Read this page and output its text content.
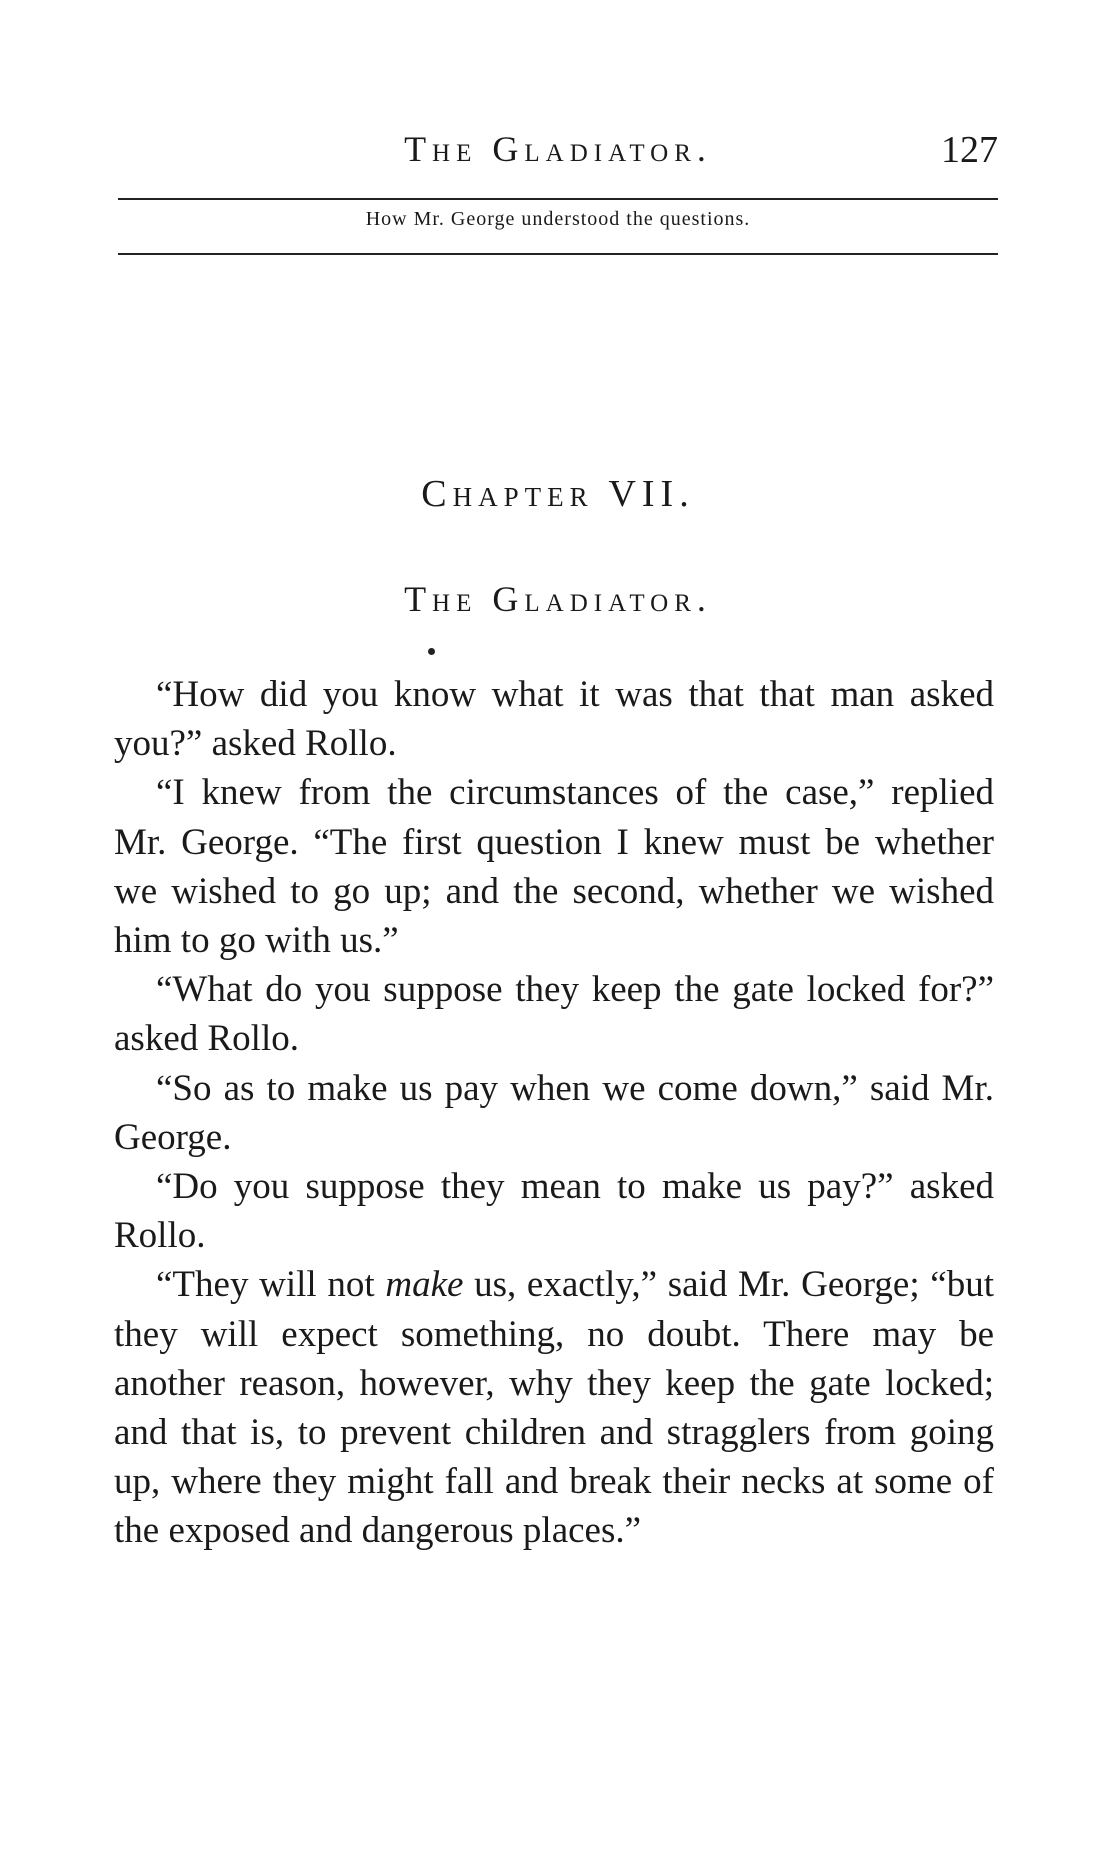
The Gladiator.	127
How Mr. George understood the questions.
Chapter VII.
The Gladiator.

“How did you know what it was that that man asked you?” asked Rollo.

“I knew from the circumstances of the case,” replied Mr. George. “The first question I knew must be whether we wished to go up; and the second, whether we wished him to go with us.”

“What do you suppose they keep the gate locked for?” asked Rollo.

“So as to make us pay when we come down,” said Mr. George.

“Do you suppose they mean to make us pay?” asked Rollo.

“They will not make us, exactly,” said Mr. George; “but they will expect something, no doubt. There may be another reason, however, why they keep the gate locked; and that is, to prevent children and stragglers from going up, where they might fall and break their necks at some of the exposed and dangerous places.”
